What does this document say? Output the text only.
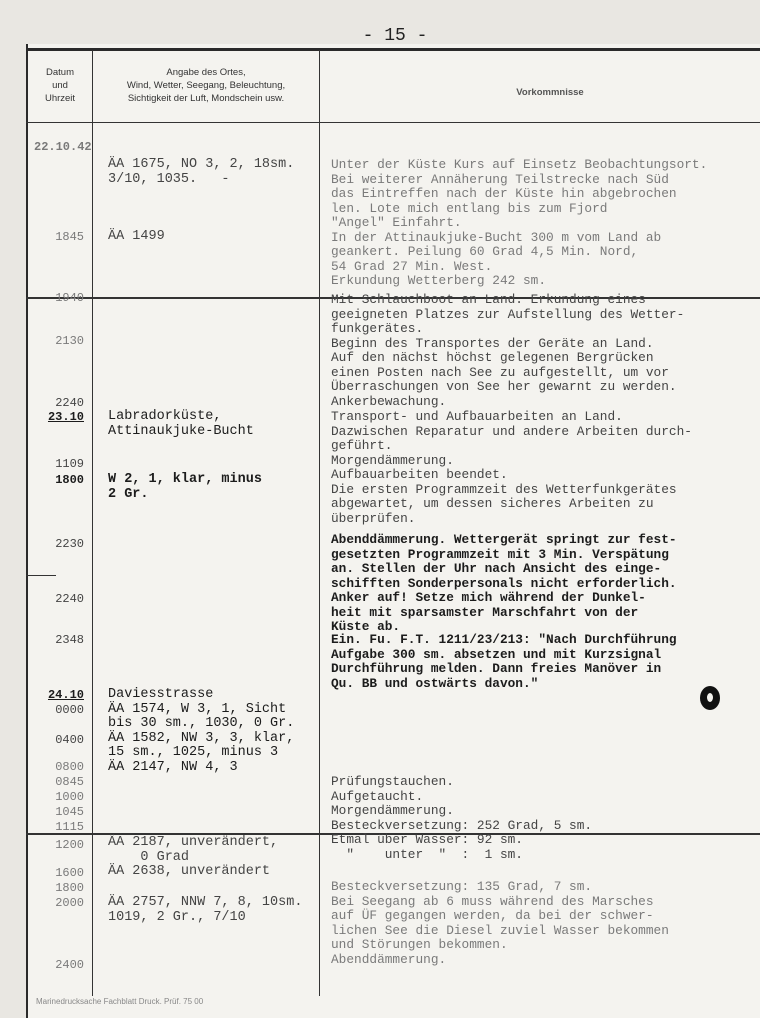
- 15 -
Datum
und
Uhrzeit
Angabe des Ortes,
Wind, Wetter, Seegang, Beleuchtung,
Sichtigkeit der Luft, Mondschein usw.
Vorkommnisse
22.10.42
1845
1940
2130
2240
23.10
1109
1800
2230
2240
2348
24.10
0000
0400
0800
0845
1000
1045
1115
1200
1600
1800
2000
2400
ÄA 1675, NO 3, 2, 18sm.
3/10, 1035.   -
ÄA 1499
Labradorküste,
Attinaukjuke-Bucht
W 2, 1, klar, minus
2 Gr.
Daviesstrasse
ÄA 1574, W 3, 1, Sicht
bis 30 sm., 1030, 0 Gr.
ÄA 1582, NW 3, 3, klar,
15 sm., 1025, minus 3
ÄA 2147, NW 4, 3
ÄA 2187, unverändert,
0 Grad
ÄA 2638, unverändert
ÄA 2757, NNW 7, 8, 10sm.
1019, 2 Gr., 7/10
Unter der Küste Kurs auf Einsetz Beobachtungsort.
Bei weiterer Annäherung Teilstrecke nach Süd
das Eintreffen nach der Küste hin abgebrochen
len. Lote mich entlang bis zum Fjord
"Angel" Einfahrt.
In der Attinaukjuke-Bucht 300 m vom Land ab
geankert. Peilung 60 Grad 4,5 Min. Nord,
54 Grad 27 Min. West.
Erkundung Wetterberg 242 sm.
Mit Schlauchboot an Land. Erkundung eines
geeigneten Platzes zur Aufstellung des Wetter-
funkgerätes.
Beginn des Transportes der Geräte an Land.
Auf den nächst höchst gelegenen Bergrücken
einen Posten nach See zu aufgestellt, um vor
Überraschungen von See her gewarnt zu werden.
Ankerbewachung.
Transport- und Aufbauarbeiten an Land.
Dazwischen Reparatur und andere Arbeiten durch-
geführt.
Morgendämmerung.
Aufbauarbeiten beendet.
Die ersten Programmzeit des Wetterfunkgerätes
abgewartet, um dessen sicheres Arbeiten zu
überprüfen.
Abenddämmerung. Wettergerät springt zur fest-
gesetzten Programmzeit mit 3 Min. Verspätung
an. Stellen der Uhr nach Ansicht des einge-
schifften Sonderpersonals nicht erforderlich.
Anker auf! Setze mich während der Dunkel-
heit mit sparsamster Marschfahrt von der
Küste ab.
Ein. Fu. F.T. 1211/23/213: "Nach Durchführung
Aufgabe 300 sm. absetzen und mit Kurzsignal
Durchführung melden. Dann freies Manöver in
Qu. BB und ostwärts davon."
Prüfungstauchen.
Aufgetaucht.
Morgendämmerung.
Besteckversetzung: 252 Grad, 5 sm.
Etmal über Wasser: 92 sm.
"    unter  "  :  1 sm.
Besteckversetzung: 135 Grad, 7 sm.
Bei Seegang ab 6 muss während des Marsches
auf ÜF gegangen werden, da bei der schwer-
lichen See die Diesel zuviel Wasser bekommen
und Störungen bekommen.
Abenddämmerung.
Marinedrucksache Fachblatt Druck. Prüf. 75 00
